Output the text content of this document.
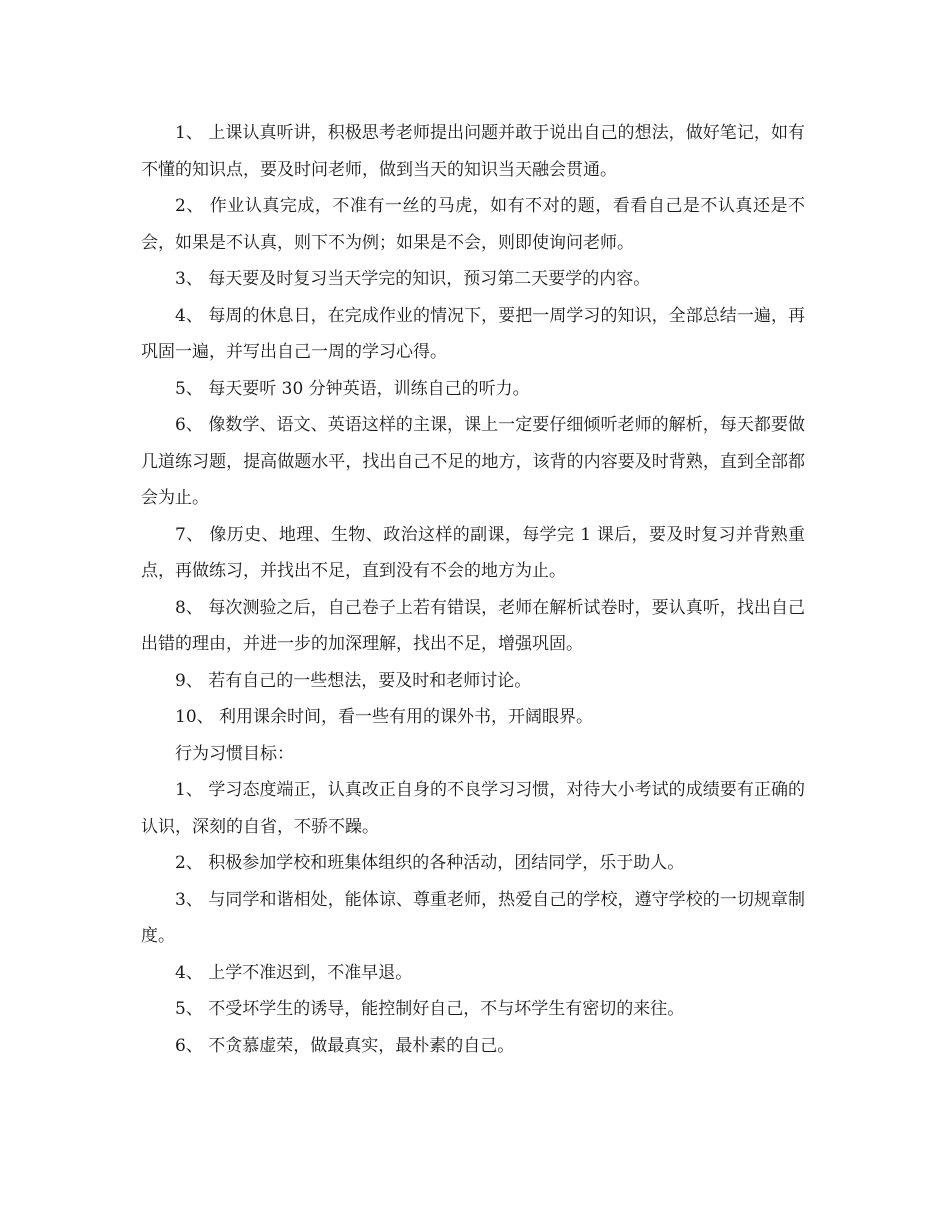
1、 上课认真听讲，积极思考老师提出问题并敢于说出自己的想法，做好笔记，如有不懂的知识点，要及时问老师，做到当天的知识当天融会贯通。

2、 作业认真完成，不准有一丝的马虎，如有不对的题，看看自己是不认真还是不会，如果是不认真，则下不为例；如果是不会，则即使询问老师。

3、 每天要及时复习当天学完的知识，预习第二天要学的内容。

4、 每周的休息日，在完成作业的情况下，要把一周学习的知识，全部总结一遍，再巩固一遍，并写出自己一周的学习心得。

5、 每天要听 30 分钟英语，训练自己的听力。

6、 像数学、语文、英语这样的主课，课上一定要仔细倾听老师的解析，每天都要做几道练习题，提高做题水平，找出自己不足的地方，该背的内容要及时背熟，直到全部都会为止。

7、 像历史、地理、生物、政治这样的副课，每学完 1 课后，要及时复习并背熟重点，再做练习，并找出不足，直到没有不会的地方为止。

8、 每次测验之后，自己卷子上若有错误，老师在解析试卷时，要认真听，找出自己出错的理由，并进一步的加深理解，找出不足，增强巩固。

9、 若有自己的一些想法，要及时和老师讨论。

10、 利用课余时间，看一些有用的课外书，开阔眼界。

行为习惯目标：

1、 学习态度端正，认真改正自身的不良学习习惯，对待大小考试的成绩要有正确的认识，深刻的自省，不骄不躁。

2、 积极参加学校和班集体组织的各种活动，团结同学，乐于助人。

3、 与同学和谐相处，能体谅、尊重老师，热爱自己的学校，遵守学校的一切规章制度。

4、 上学不准迟到，不准早退。

5、 不受坏学生的诱导，能控制好自己，不与坏学生有密切的来往。

6、 不贪慕虚荣，做最真实，最朴素的自己。
